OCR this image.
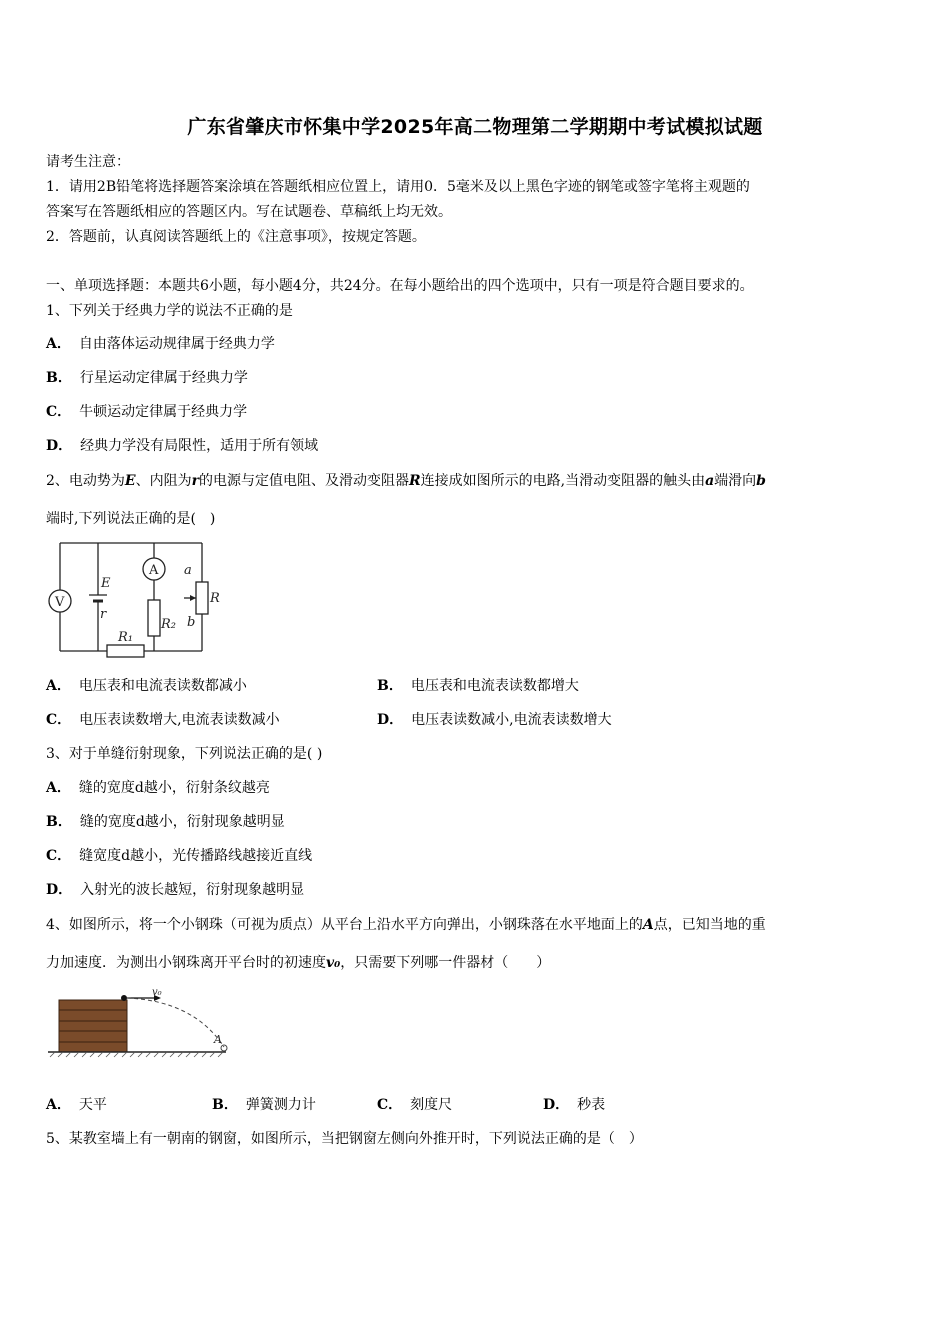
广东省肇庆市怀集中学2025年高二物理第二学期期中考试模拟试题
请考生注意：
1．请用2B铅笔将选择题答案涂填在答题纸相应位置上，请用0．5毫米及以上黑色字迹的钢笔或签字笔将主观题的
答案写在答题纸相应的答题区内。写在试题卷、草稿纸上均无效。
2．答题前，认真阅读答题纸上的《注意事项》，按规定答题。
一、单项选择题：本题共6小题，每小题4分，共24分。在每小题给出的四个选项中，只有一项是符合题目要求的。
1、下列关于经典力学的说法不正确的是
A． 自由落体运动规律属于经典力学
B． 行星运动定律属于经典力学
C． 牛顿运动定律属于经典力学
D． 经典力学没有局限性，适用于所有领域
2、电动势为E、内阻为r的电源与定值电阻、及滑动变阻器R连接成如图所示的电路,当滑动变阻器的触头由a端滑向b
端时,下列说法正确的是(　)
V
A
E
r
a
b
R
R₁
R₂
A． 电压表和电流表读数都减小	B． 电压表和电流表读数都增大
C． 电压表读数增大,电流表读数减小	D． 电压表读数减小,电流表读数增大
3、对于单缝衍射现象，下列说法正确的是( )
A． 缝的宽度d越小，衍射条纹越亮
B． 缝的宽度d越小，衍射现象越明显
C． 缝宽度d越小，光传播路线越接近直线
D． 入射光的波长越短，衍射现象越明显
4、如图所示，将一个小钢珠（可视为质点）从平台上沿水平方向弹出，小钢珠落在水平地面上的A点，已知当地的重
力加速度．为测出小钢珠离开平台时的初速度v₀，只需要下列哪一件器材（　　）
v₀
A
A． 天平	B． 弹簧测力计	C． 刻度尺	D． 秒表
5、某教室墙上有一朝南的钢窗，如图所示，当把钢窗左侧向外推开时，下列说法正确的是（　）
